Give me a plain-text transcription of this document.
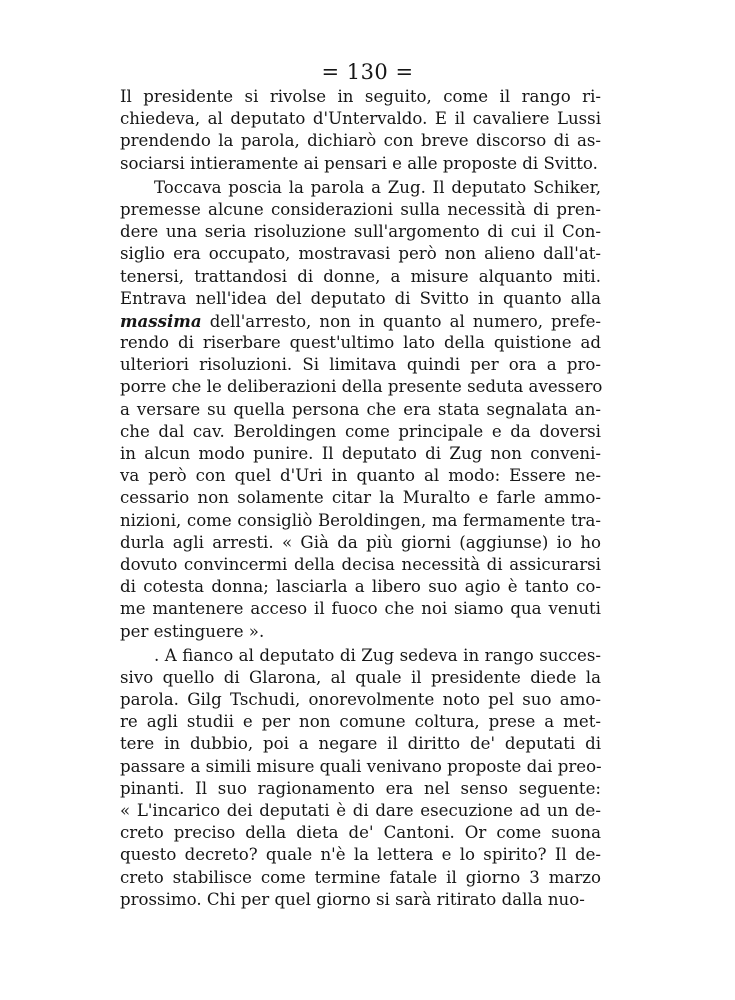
= 130 =
Il presidente si rivolse in seguito, come il rango ri-
chiedeva, al deputato d'Untervaldo. E il cavaliere Lussi
prendendo la parola, dichiarò con breve discorso di as-
sociarsi intieramente ai pensari e alle proposte di Svitto.
Toccava poscia la parola a Zug. Il deputato Schiker,
premesse alcune considerazioni sulla necessità di pren-
dere una seria risoluzione sull'argomento di cui il Con-
siglio era occupato, mostravasi però non alieno dall'at-
tenersi, trattandosi di donne, a misure alquanto miti.
Entrava nell'idea del deputato di Svitto in quanto alla
massima dell'arresto, non in quanto al numero, prefe-
rendo di riserbare quest'ultimo lato della quistione ad
ulteriori risoluzioni. Si limitava quindi per ora a pro-
porre che le deliberazioni della presente seduta avessero
a versare su quella persona che era stata segnalata an-
che dal cav. Beroldingen come principale e da doversi
in alcun modo punire. Il deputato di Zug non conveni-
va però con quel d'Uri in quanto al modo: Essere ne-
cessario non solamente citar la Muralto e farle ammo-
nizioni, come consigliò Beroldingen, ma fermamente tra-
durla agli arresti. « Già da più giorni (aggiunse) io ho
dovuto convincermi della decisa necessità di assicurarsi
di cotesta donna; lasciarla a libero suo agio è tanto co-
me mantenere acceso il fuoco che noi siamo qua venuti
per estinguere ».
. A fianco al deputato di Zug sedeva in rango succes-
sivo quello di Glarona, al quale il presidente diede la
parola. Gilg Tschudi, onorevolmente noto pel suo amo-
re agli studii e per non comune coltura, prese a met-
tere in dubbio, poi a negare il diritto de' deputati di
passare a simili misure quali venivano proposte dai preo-
pinanti. Il suo ragionamento era nel senso seguente:
« L'incarico dei deputati è di dare esecuzione ad un de-
creto preciso della dieta de' Cantoni. Or come suona
questo decreto? quale n'è la lettera e lo spirito? Il de-
creto stabilisce come termine fatale il giorno 3 marzo
prossimo. Chi per quel giorno si sarà ritirato dalla nuo-
